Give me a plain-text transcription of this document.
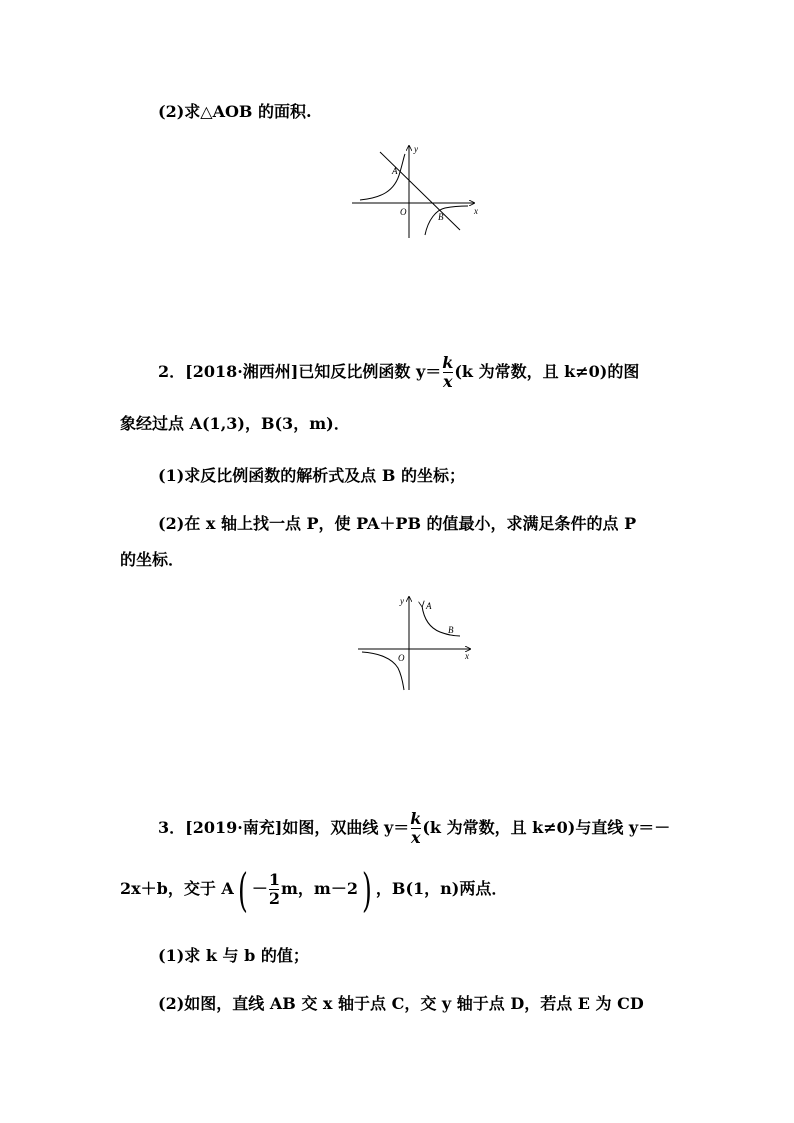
(2)求△AOB 的面积.
y
x
A
O	B
2．[2018·湘西州]已知反比例函数 $y= \frac{k}{x} (k$ 为常数，且 k≠0)的图
象经过点 A(1,3)，B(3，m)．
(1)求反比例函数的解析式及点 B 的坐标；
(2)在 x 轴上找一点 P，使 PA＋PB 的值最小，求满足条件的点 P
的坐标．
y
x
A
O
B
3．[2019·南充]如图，双曲线 $y= \frac{k}{x} (k$ 为常数，且 k≠0)与直线 y＝－
2x＋b，交于 $A( - \frac{1}{2}$ m，m－2) ，B(1，n)两点．
(1)求 k 与 b 的值；
(2)如图，直线 AB 交 x 轴于点 C，交 y 轴于点 D，若点 E 为 CD
